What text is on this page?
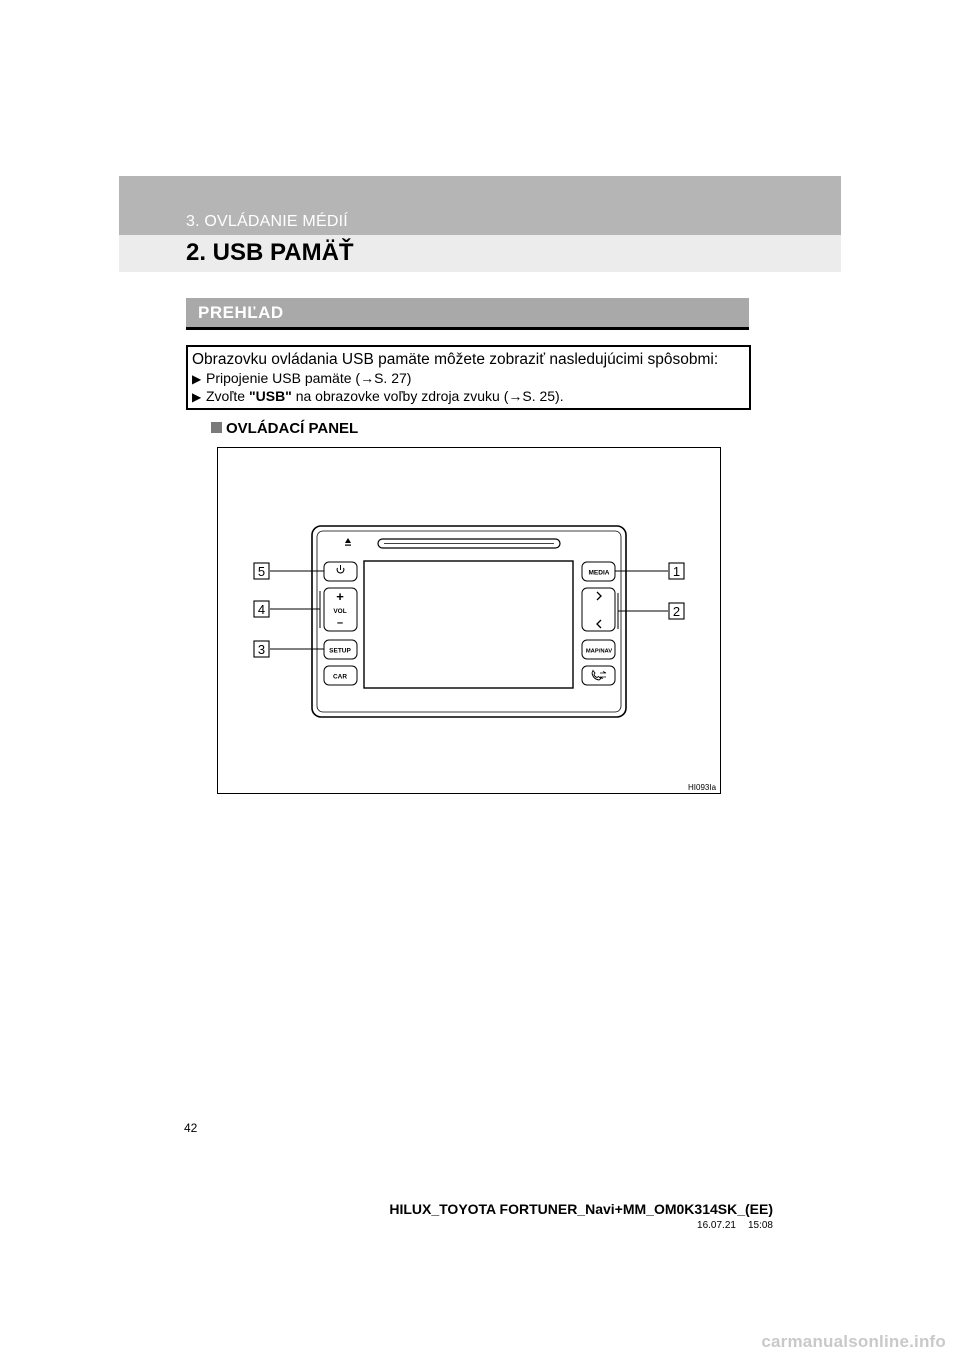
3. OVLÁDANIE MÉDIÍ
2. USB PAMÄŤ
PREHĽAD
Obrazovku ovládania USB pamäte môžete zobraziť nasledujúcimi spôsobmi:
▶ Pripojenie USB pamäte (→S. 27)
▶ Zvoľte "USB" na obrazovke voľby zdroja zvuku (→S. 25).
OVLÁDACÍ PANEL
+
VOL
–
SETUP
CAR
MEDIA
MAP/NAV
5
4
3
1
2
HI093Ia
42
HILUX_TOYOTA FORTUNER_Navi+MM_OM0K314SK_(EE)
16.07.21 15:08
carmanualsonline.info
